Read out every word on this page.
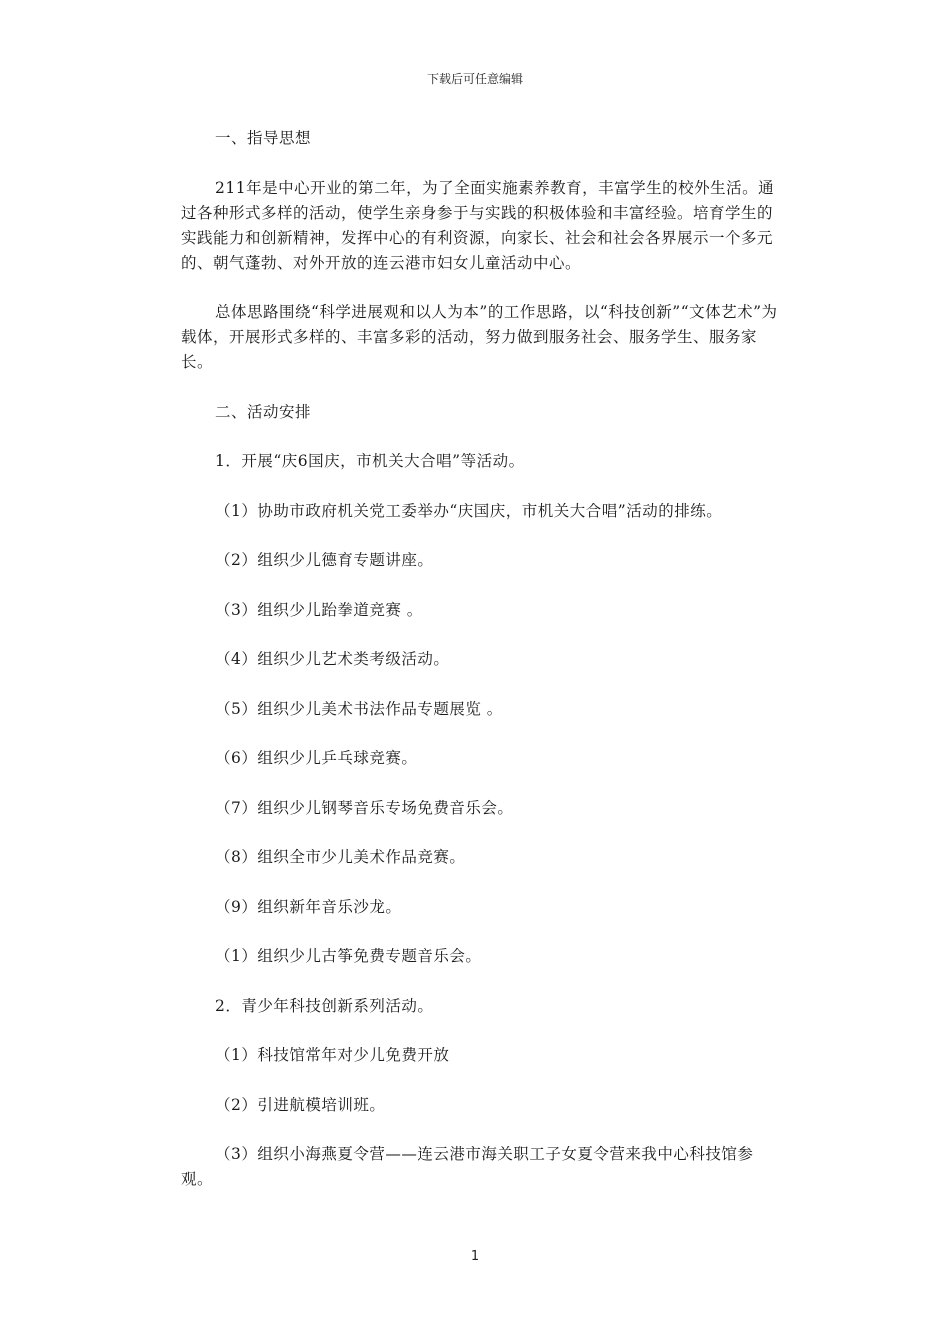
下载后可任意编辑

一、指导思想

211年是中心开业的第二年，为了全面实施素养教育，丰富学生的校外生活。通过各种形式多样的活动，使学生亲身参于与实践的积极体验和丰富经验。培育学生的实践能力和创新精神，发挥中心的有利资源，向家长、社会和社会各界展示一个多元的、朝气蓬勃、对外开放的连云港市妇女儿童活动中心。

总体思路围绕“科学进展观和以人为本”的工作思路，以“科技创新”“文体艺术”为载体，开展形式多样的、丰富多彩的活动，努力做到服务社会、服务学生、服务家长。

二、活动安排

1．开展“庆6国庆，市机关大合唱”等活动。

（1）协助市政府机关党工委举办“庆国庆，市机关大合唱”活动的排练。

（2）组织少儿德育专题讲座。

（3）组织少儿跆拳道竞赛 。

（4）组织少儿艺术类考级活动。

（5）组织少儿美术书法作品专题展览 。

（6）组织少儿乒乓球竞赛。

（7）组织少儿钢琴音乐专场免费音乐会。

（8）组织全市少儿美术作品竞赛。

（9）组织新年音乐沙龙。

（1）组织少儿古筝免费专题音乐会。

2．青少年科技创新系列活动。

（1）科技馆常年对少儿免费开放

（2）引进航模培训班。

（3）组织小海燕夏令营——连云港市海关职工子女夏令营来我中心科技馆参观。

1
